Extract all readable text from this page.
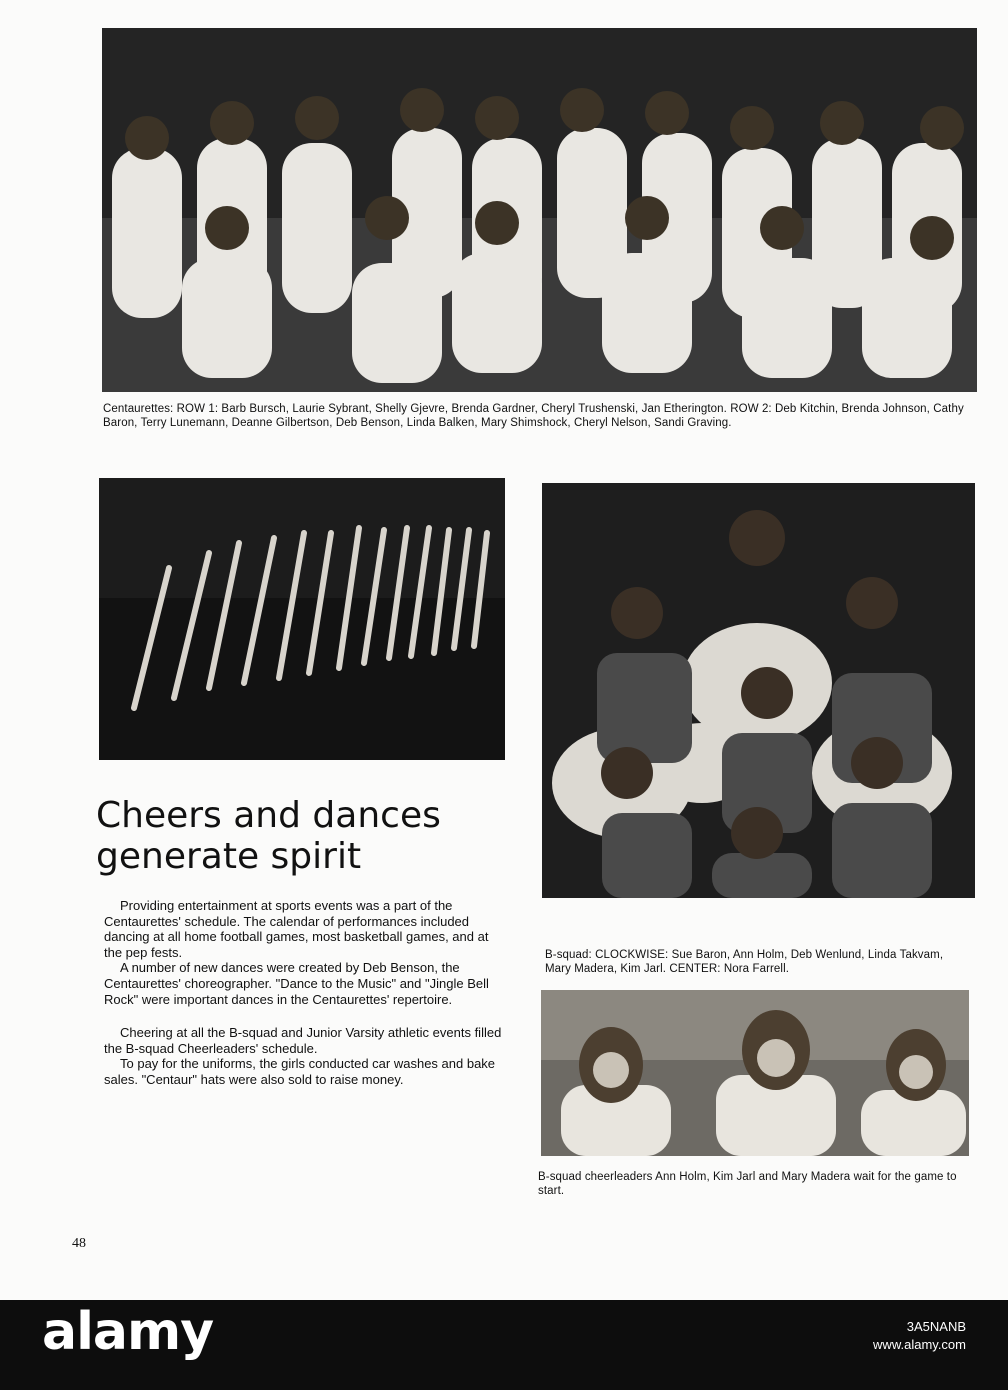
Centaurettes: ROW 1: Barb Bursch, Laurie Sybrant, Shelly Gjevre, Brenda Gardner, Cheryl Trushenski, Jan Etherington. ROW 2: Deb Kitchin, Brenda Johnson, Cathy Baron, Terry Lunemann, Deanne Gilbertson, Deb Benson, Linda Balken, Mary Shimshock, Cheryl Nelson, Sandi Graving.
B-squad: CLOCKWISE: Sue Baron, Ann Holm, Deb Wenlund, Linda Takvam, Mary Madera, Kim Jarl. CENTER: Nora Farrell.
B-squad cheerleaders Ann Holm, Kim Jarl and Mary Madera wait for the game to start.
Cheers and dances generate spirit

Providing entertainment at sports events was a part of the Centaurettes' schedule. The calendar of performances included dancing at all home football games, most basketball games, and at the pep fests.

A number of new dances were created by Deb Benson, the Centaurettes' choreographer. "Dance to the Music" and "Jingle Bell Rock" were important dances in the Centaurettes' repertoire.

Cheering at all the B-squad and Junior Varsity athletic events filled the B-squad Cheerleaders' schedule.

To pay for the uniforms, the girls conducted car washes and bake sales. "Centaur" hats were also sold to raise money.

48
alamy	3A5NANB
www.alamy.com
